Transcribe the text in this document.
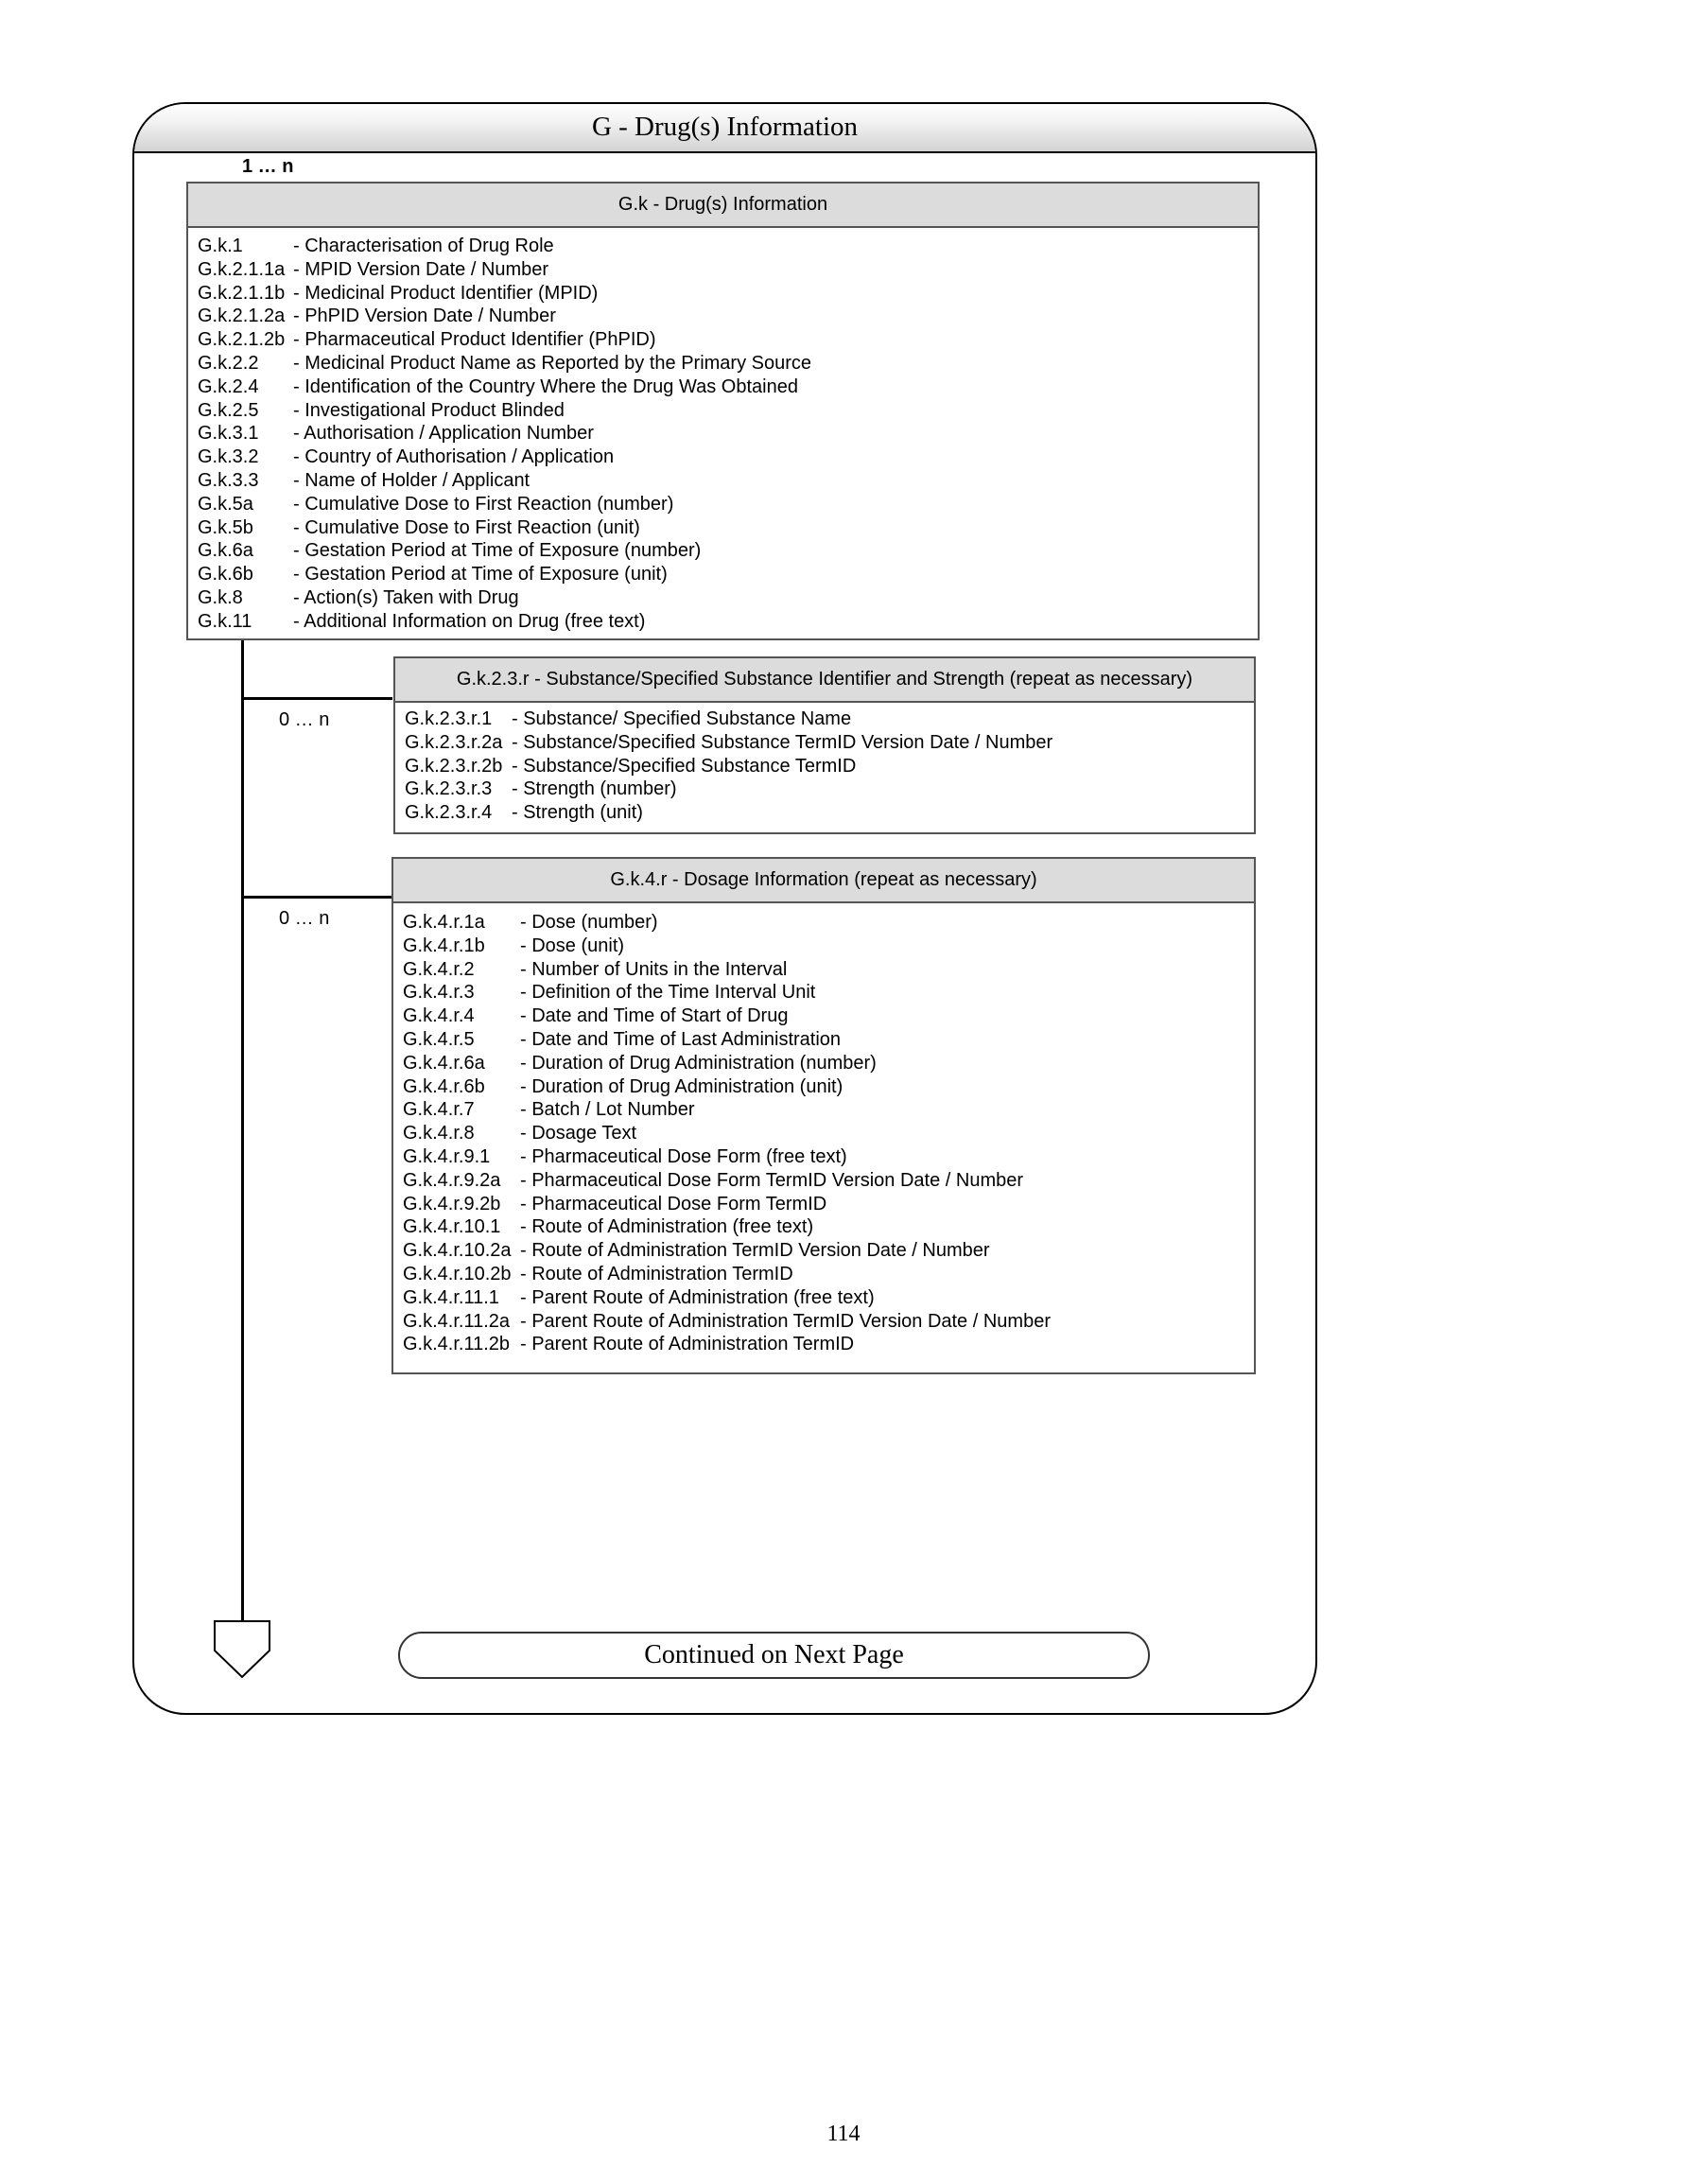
G - Drug(s) Information
1 … n
G.k - Drug(s) Information
G.k.1	- Characterisation of Drug Role
G.k.2.1.1a - MPID Version Date / Number
G.k.2.1.1b - Medicinal Product Identifier (MPID)
G.k.2.1.2a - PhPID Version Date / Number
G.k.2.1.2b - Pharmaceutical Product Identifier (PhPID)
G.k.2.2	- Medicinal Product Name as Reported by the Primary Source
G.k.2.4	- Identification of the Country Where the Drug Was Obtained
G.k.2.5	- Investigational Product Blinded
G.k.3.1	- Authorisation / Application Number
G.k.3.2	- Country of Authorisation / Application
G.k.3.3	- Name of Holder / Applicant
G.k.5a	- Cumulative Dose to First Reaction (number)
G.k.5b	- Cumulative Dose to First Reaction (unit)
G.k.6a	- Gestation Period at Time of Exposure (number)
G.k.6b	- Gestation Period at Time of Exposure (unit)
G.k.8	- Action(s) Taken with Drug
G.k.11	- Additional Information on Drug (free text)
0 … n
0 … n
G.k.2.3.r - Substance/Specified Substance Identifier and Strength (repeat as necessary)
G.k.2.3.r.1	- Substance/ Specified Substance Name
G.k.2.3.r.2a - Substance/Specified Substance TermID Version Date / Number
G.k.2.3.r.2b - Substance/Specified Substance TermID
G.k.2.3.r.3	- Strength (number)
G.k.2.3.r.4	- Strength (unit)
G.k.4.r - Dosage Information (repeat as necessary)
G.k.4.r.1a	- Dose (number)
G.k.4.r.1b	- Dose (unit)
G.k.4.r.2	- Number of Units in the Interval
G.k.4.r.3	- Definition of the Time Interval Unit
G.k.4.r.4	- Date and Time of Start of Drug
G.k.4.r.5	- Date and Time of Last Administration
G.k.4.r.6a	- Duration of Drug Administration (number)
G.k.4.r.6b	- Duration of Drug Administration (unit)
G.k.4.r.7	- Batch / Lot Number
G.k.4.r.8	- Dosage Text
G.k.4.r.9.1	- Pharmaceutical Dose Form (free text)
G.k.4.r.9.2a	- Pharmaceutical Dose Form TermID Version Date / Number
G.k.4.r.9.2b	- Pharmaceutical Dose Form TermID
G.k.4.r.10.1	- Route of Administration (free text)
G.k.4.r.10.2a - Route of Administration TermID Version Date / Number
G.k.4.r.10.2b - Route of Administration TermID
G.k.4.r.11.1	- Parent Route of Administration (free text)
G.k.4.r.11.2a - Parent Route of Administration TermID Version Date / Number
G.k.4.r.11.2b - Parent Route of Administration TermID
Continued on Next Page
114
